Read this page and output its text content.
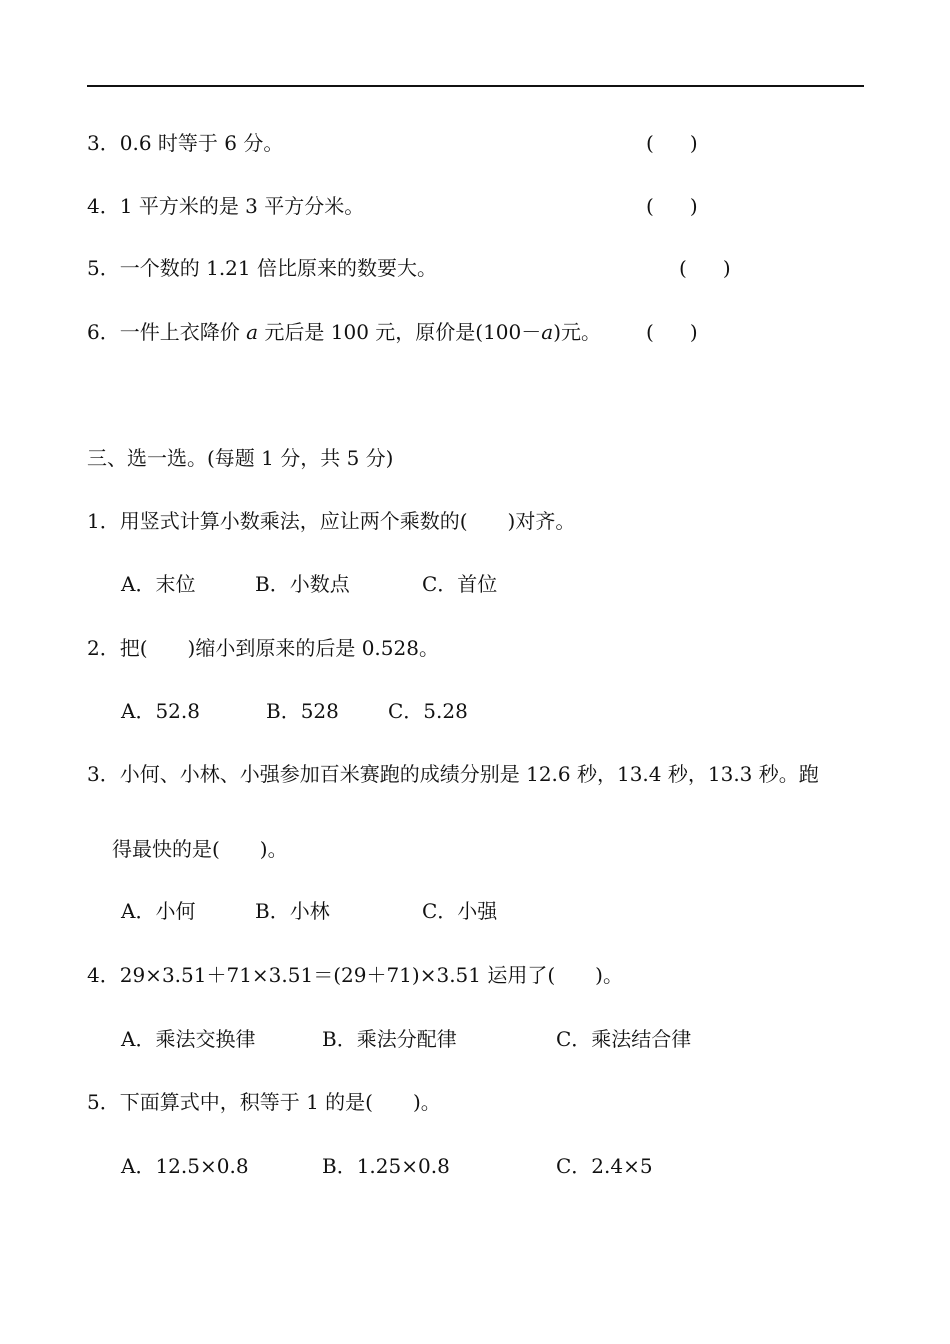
3．0.6 时等于 6 分。	( )
4．1 平方米的是 3 平方分米。	( )
5．一个数的 1.21 倍比原来的数要大。	( )
6．一件上衣降价 a 元后是 100 元，原价是(100－a)元。 ( )
三、选一选。(每题 1 分，共 5 分)
1．用竖式计算小数乘法，应让两个乘数的(　　)对齐。
A．末位	B．小数点	C．首位
2．把(　　)缩小到原来的后是 0.528。
A．52.8	B．528 C．5.28
3．小何、小林、小强参加百米赛跑的成绩分别是 12.6 秒，13.4 秒，13.3 秒。跑
得最快的是(　　)。
A．小何	B．小林	C．小强
4．29×3.51＋71×3.51＝(29＋71)×3.51 运用了(　　)。
A．乘法交换律	B．乘法分配律	C．乘法结合律
5．下面算式中，积等于 1 的是(　　)。
A．12.5×0.8	B．1.25×0.8	C．2.4×5
